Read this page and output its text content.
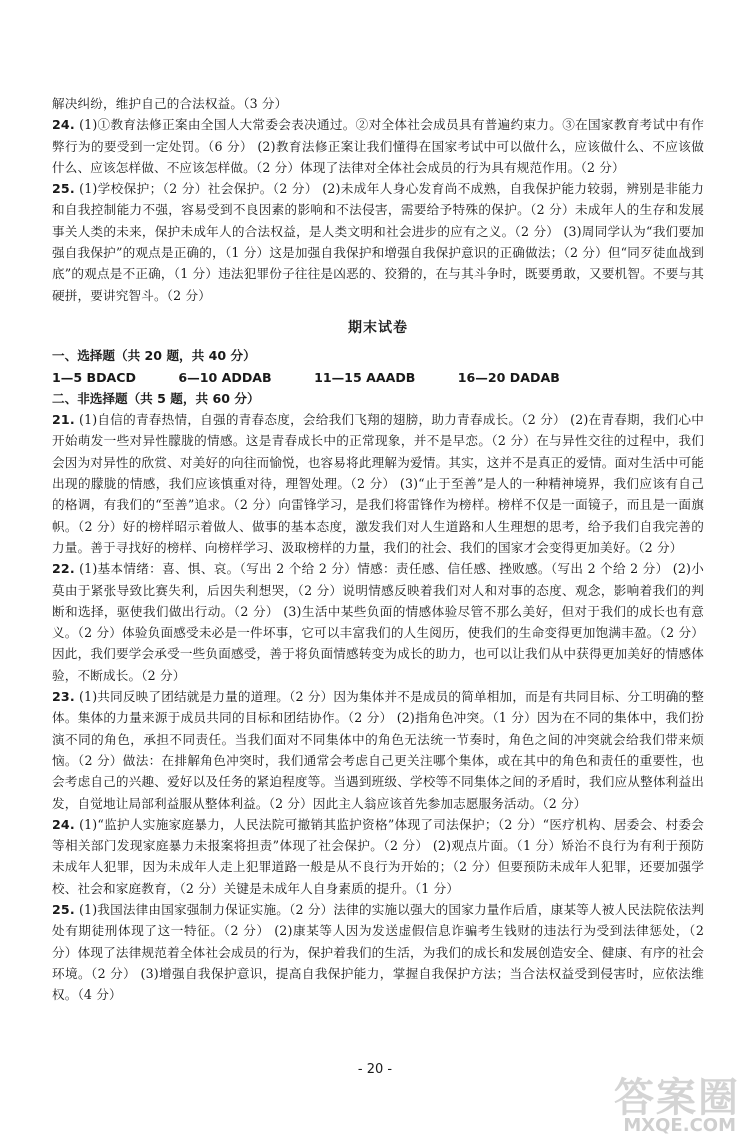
解决纠纷，维护自己的合法权益。（3 分）
24. (1)①教育法修正案由全国人大常委会表决通过。②对全体社会成员具有普遍约束力。③在国家教育考试中有作弊行为的要受到一定处罚。（6 分） (2)教育法修正案让我们懂得在国家考试中可以做什么，应该做什么、不应该做什么、应该怎样做、不应该怎样做。（2 分）体现了法律对全体社会成员的行为具有规范作用。（2 分）
25. (1)学校保护；（2 分）社会保护。（2 分） (2)未成年人身心发育尚不成熟，自我保护能力较弱，辨别是非能力和自我控制能力不强，容易受到不良因素的影响和不法侵害，需要给予特殊的保护。（2 分）未成年人的生存和发展事关人类的未来，保护未成年人的合法权益，是人类文明和社会进步的应有之义。（2 分） (3)周同学认为“我们要加强自我保护”的观点是正确的，（1 分）这是加强自我保护和增强自我保护意识的正确做法；（2 分）但“同歹徒血战到底”的观点是不正确，（1 分）违法犯罪份子往往是凶恶的、狡猾的，在与其斗争时，既要勇敢，又要机智。不要与其硬拼，要讲究智斗。（2 分）
期末试卷
一、选择题（共 20 题，共 40 分）
1—5 BDACD	6—10 ADDAB	11—15 AAADB	16—20 DADAB
二、非选择题（共 5 题，共 60 分）
21. (1)自信的青春热情，自强的青春态度，会给我们飞翔的翅膀，助力青春成长。（2 分） (2)在青春期，我们心中开始萌发一些对异性朦胧的情感。这是青春成长中的正常现象，并不是早恋。（2 分）在与异性交往的过程中，我们会因为对异性的欣赏、对美好的向往而愉悦，也容易将此理解为爱情。其实，这并不是真正的爱情。面对生活中可能出现的朦胧的情感，我们应该慎重对待，理智处理。（2 分） (3)“止于至善”是人的一种精神境界，我们应该有自己的格调，有我们的“至善”追求。（2 分）向雷锋学习，是我们将雷锋作为榜样。榜样不仅是一面镜子，而且是一面旗帜。（2 分）好的榜样昭示着做人、做事的基本态度，激发我们对人生道路和人生理想的思考，给予我们自我完善的力量。善于寻找好的榜样、向榜样学习、汲取榜样的力量，我们的社会、我们的国家才会变得更加美好。（2 分）
22. (1)基本情绪：喜、惧、哀。（写出 2 个给 2 分）情感：责任感、信任感、挫败感。（写出 2 个给 2 分） (2)小莫由于紧张导致比赛失利，后因失利想哭，（2 分）说明情感反映着我们对人和对事的态度、观念，影响着我们的判断和选择，驱使我们做出行动。（2 分） (3)生活中某些负面的情感体验尽管不那么美好，但对于我们的成长也有意义。（2 分）体验负面感受未必是一件坏事，它可以丰富我们的人生阅历，使我们的生命变得更加饱满丰盈。（2 分）因此，我们要学会承受一些负面感受，善于将负面情感转变为成长的助力，也可以让我们从中获得更加美好的情感体验，不断成长。（2 分）
23. (1)共同反映了团结就是力量的道理。（2 分）因为集体并不是成员的简单相加，而是有共同目标、分工明确的整体。集体的力量来源于成员共同的目标和团结协作。（2 分） (2)指角色冲突。（1 分）因为在不同的集体中，我们扮演不同的角色，承担不同责任。当我们面对不同集体中的角色无法统一节奏时，角色之间的冲突就会给我们带来烦恼。（2 分）做法：在排解角色冲突时，我们通常会考虑自己更关注哪个集体，或在其中的角色和责任的重要性，也会考虑自己的兴趣、爱好以及任务的紧迫程度等。当遇到班级、学校等不同集体之间的矛盾时，我们应从整体利益出发，自觉地让局部利益服从整体利益。（2 分）因此主人翁应该首先参加志愿服务活动。（2 分）
24. (1)“监护人实施家庭暴力，人民法院可撤销其监护资格”体现了司法保护；（2 分）“医疗机构、居委会、村委会等相关部门发现家庭暴力未报案将担责”体现了社会保护。（2 分） (2)观点片面。（1 分）矫治不良行为有利于预防未成年人犯罪，因为未成年人走上犯罪道路一般是从不良行为开始的；（2 分）但要预防未成年人犯罪，还要加强学校、社会和家庭教育，（2 分）关键是未成年人自身素质的提升。（1 分）
25. (1)我国法律由国家强制力保证实施。（2 分）法律的实施以强大的国家力量作后盾，康某等人被人民法院依法判处有期徒刑体现了这一特征。（2 分） (2)康某等人因为发送虚假信息诈骗考生钱财的违法行为受到法律惩处，（2 分）体现了法律规范着全体社会成员的行为，保护着我们的生活，为我们的成长和发展创造安全、健康、有序的社会环境。（2 分） (3)增强自我保护意识，提高自我保护能力，掌握自我保护方法；当合法权益受到侵害时，应依法维权。（4 分）
- 20 -
答案圈
MXQE.COM
